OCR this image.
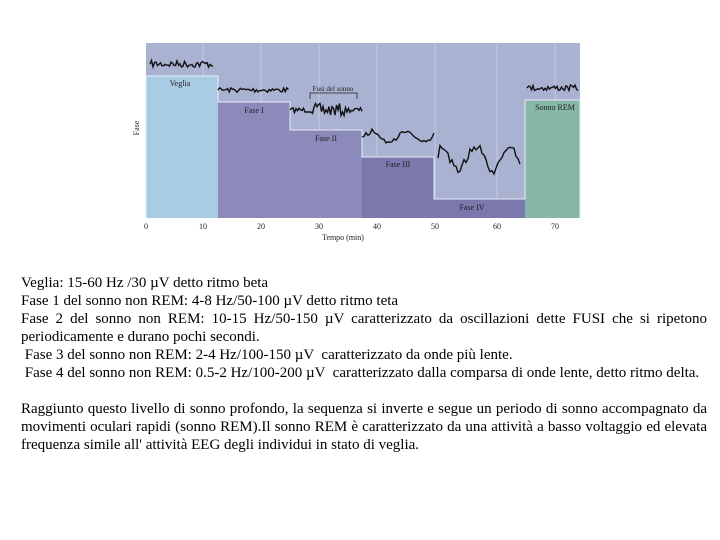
Fusi del sonno
Veglia
Fase I
Fase II
Fase III
Fase IV
Sonno REM
Fase
0	10	20	30	40	50	60	70
Tempo (min)
Veglia: 15-60 Hz /30 µV detto ritmo beta
Fase 1 del sonno non REM: 4-8 Hz/50-100 µV detto ritmo teta
Fase 2 del sonno non REM: 10-15 Hz/50-150 µV caratterizzato da oscillazioni dette FUSI che si ripetono periodicamente e durano pochi secondi.
Fase 3 del sonno non REM: 2-4 Hz/100-150 µV  caratterizzato da onde più lente.
Fase 4 del sonno non REM: 0.5-2 Hz/100-200 µV  caratterizzato dalla comparsa di onde lente, detto ritmo delta.
Raggiunto questo livello di sonno profondo, la sequenza si inverte e segue un periodo di sonno accompagnato da movimenti oculari rapidi (sonno REM).Il sonno REM è caratterizzato da una attività a basso voltaggio ed elevata frequenza simile all' attività EEG degli individui in stato di veglia.
